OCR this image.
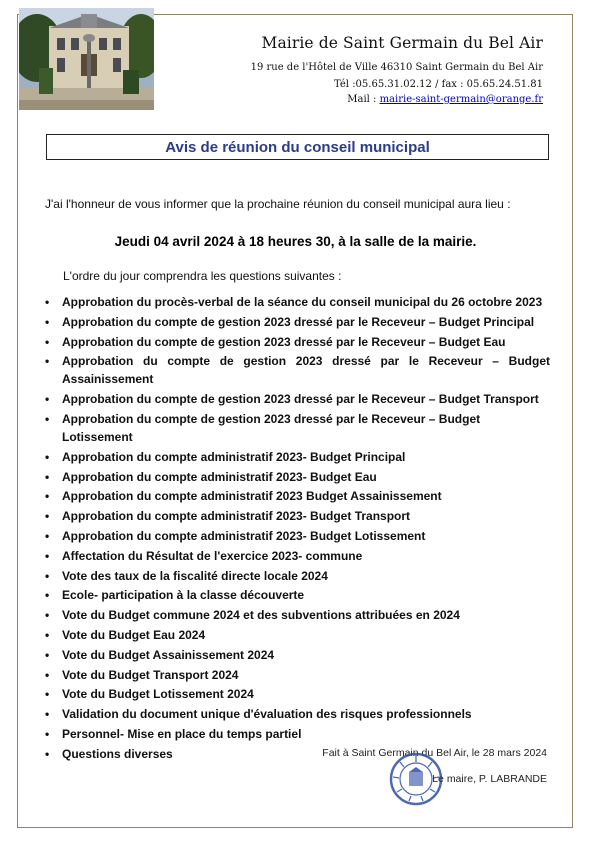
Mairie de Saint Germain du Bel Air
19 rue de l'Hôtel de Ville 46310 Saint Germain du Bel Air
Tél :05.65.31.02.12 / fax : 05.65.24.51.81
Mail : mairie-saint-germain@orange.fr
Avis de réunion du conseil municipal
J'ai l'honneur de vous informer que la prochaine réunion du conseil municipal aura lieu :
Jeudi 04 avril 2024 à 18 heures 30, à la salle de la mairie.
L'ordre du jour comprendra les questions suivantes :
• Approbation du procès-verbal de la séance du conseil municipal du 26 octobre 2023
• Approbation du compte de gestion 2023 dressé par le Receveur – Budget Principal
• Approbation du compte de gestion 2023 dressé par le Receveur – Budget Eau
• Approbation du compte de gestion 2023 dressé par le Receveur – Budget Assainissement
• Approbation du compte de gestion 2023 dressé par le Receveur – Budget Transport
• Approbation du compte de gestion 2023 dressé par le Receveur – Budget Lotissement
• Approbation du compte administratif 2023- Budget Principal
• Approbation du compte administratif 2023- Budget Eau
• Approbation du compte administratif 2023 Budget Assainissement
• Approbation du compte administratif 2023- Budget Transport
• Approbation du compte administratif 2023- Budget Lotissement
• Affectation du Résultat de l'exercice 2023- commune
• Vote des taux de la fiscalité directe locale 2024
• Ecole- participation à la classe découverte
• Vote du Budget commune 2024 et des subventions attribuées en 2024
• Vote du Budget Eau 2024
• Vote du Budget Assainissement 2024
• Vote du Budget Transport 2024
• Vote du Budget Lotissement 2024
• Validation du document unique d'évaluation des risques professionnels
• Personnel- Mise en place du temps partiel
• Questions diverses	Fait à Saint Germain du Bel Air, le 28 mars 2024
Le maire, P. LABRANDE
